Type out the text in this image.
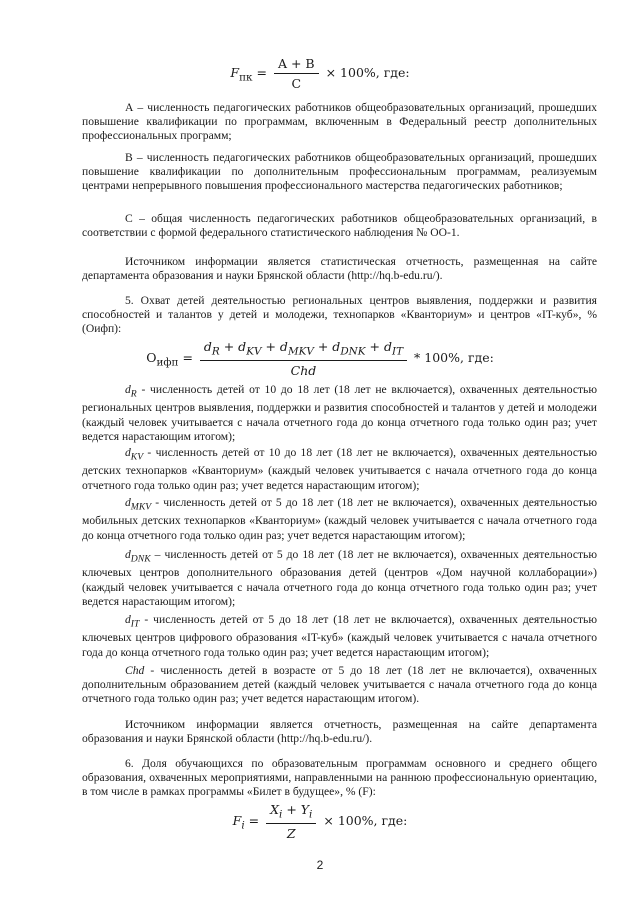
$F_{пк} = \frac{A + B}{C} \times 100\%$, где:

А – численность педагогических работников общеобразовательных организаций, прошедших повышение квалификации по программам, включенным в Федеральный реестр дополнительных профессиональных программ;

В – численность педагогических работников общеобразовательных организаций, прошедших повышение квалификации по дополнительным профессиональным программам, реализуемым центрами непрерывного повышения профессионального мастерства педагогических работников;

С – общая численность педагогических работников общеобразовательных организаций, в соответствии с формой федерального статистического наблюдения № ОО-1.

Источником информации является статистическая отчетность, размещенная на сайте департамента образования и науки Брянской области (http://hq.b-edu.ru/).

5. Охват детей деятельностью региональных центров выявления, поддержки и развития способностей и талантов у детей и молодежи, технопарков «Кванториум» и центров «IT-куб», % (Оифп):

$О_{ифп} = \frac{d_R + d_{KV} + d_{MKV} + d_{DNK} + d_{IT}}{\text{Chd}} * 100\%$, где:

$d_R$ - численность детей от 10 до 18 лет (18 лет не включается), охваченных деятельностью региональных центров выявления, поддержки и развития способностей и талантов у детей и молодежи (каждый человек учитывается с начала отчетного года до конца отчетного года только один раз; учет ведется нарастающим итогом);

$d_{KV}$ - численность детей от 10 до 18 лет (18 лет не включается), охваченных деятельностью детских технопарков «Кванториум» (каждый человек учитывается с начала отчетного года до конца отчетного года только один раз; учет ведется нарастающим итогом);

$d_{MKV}$ - численность детей от 5 до 18 лет (18 лет не включается), охваченных деятельностью мобильных детских технопарков «Кванториум» (каждый человек учитывается с начала отчетного года до конца отчетного года только один раз; учет ведется нарастающим итогом);

$d_{DNK}$ – численность детей от 5 до 18 лет (18 лет не включается), охваченных деятельностью ключевых центров дополнительного образования детей (центров «Дом научной коллаборации») (каждый человек учитывается с начала отчетного года до конца отчетного года только один раз; учет ведется нарастающим итогом);

$d_{IT}$ - численность детей от 5 до 18 лет (18 лет не включается), охваченных деятельностью ключевых центров цифрового образования «IT-куб» (каждый человек учитывается с начала отчетного года до конца отчетного года только один раз; учет ведется нарастающим итогом);

Chd - численность детей в возрасте от 5 до 18 лет (18 лет не включается), охваченных дополнительным образованием детей (каждый человек учитывается с начала отчетного года до конца отчетного года только один раз; учет ведется нарастающим итогом).

Источником информации является отчетность, размещенная на сайте департамента образования и науки Брянской области (http://hq.b-edu.ru/).

6. Доля обучающихся по образовательным программам основного и среднего общего образования, охваченных мероприятиями, направленными на раннюю профессиональную ориентацию, в том числе в рамках программы «Билет в будущее», % (F):

$F_i = \frac{X_i + Y_i}{Z} \times 100\%$, где:
2
